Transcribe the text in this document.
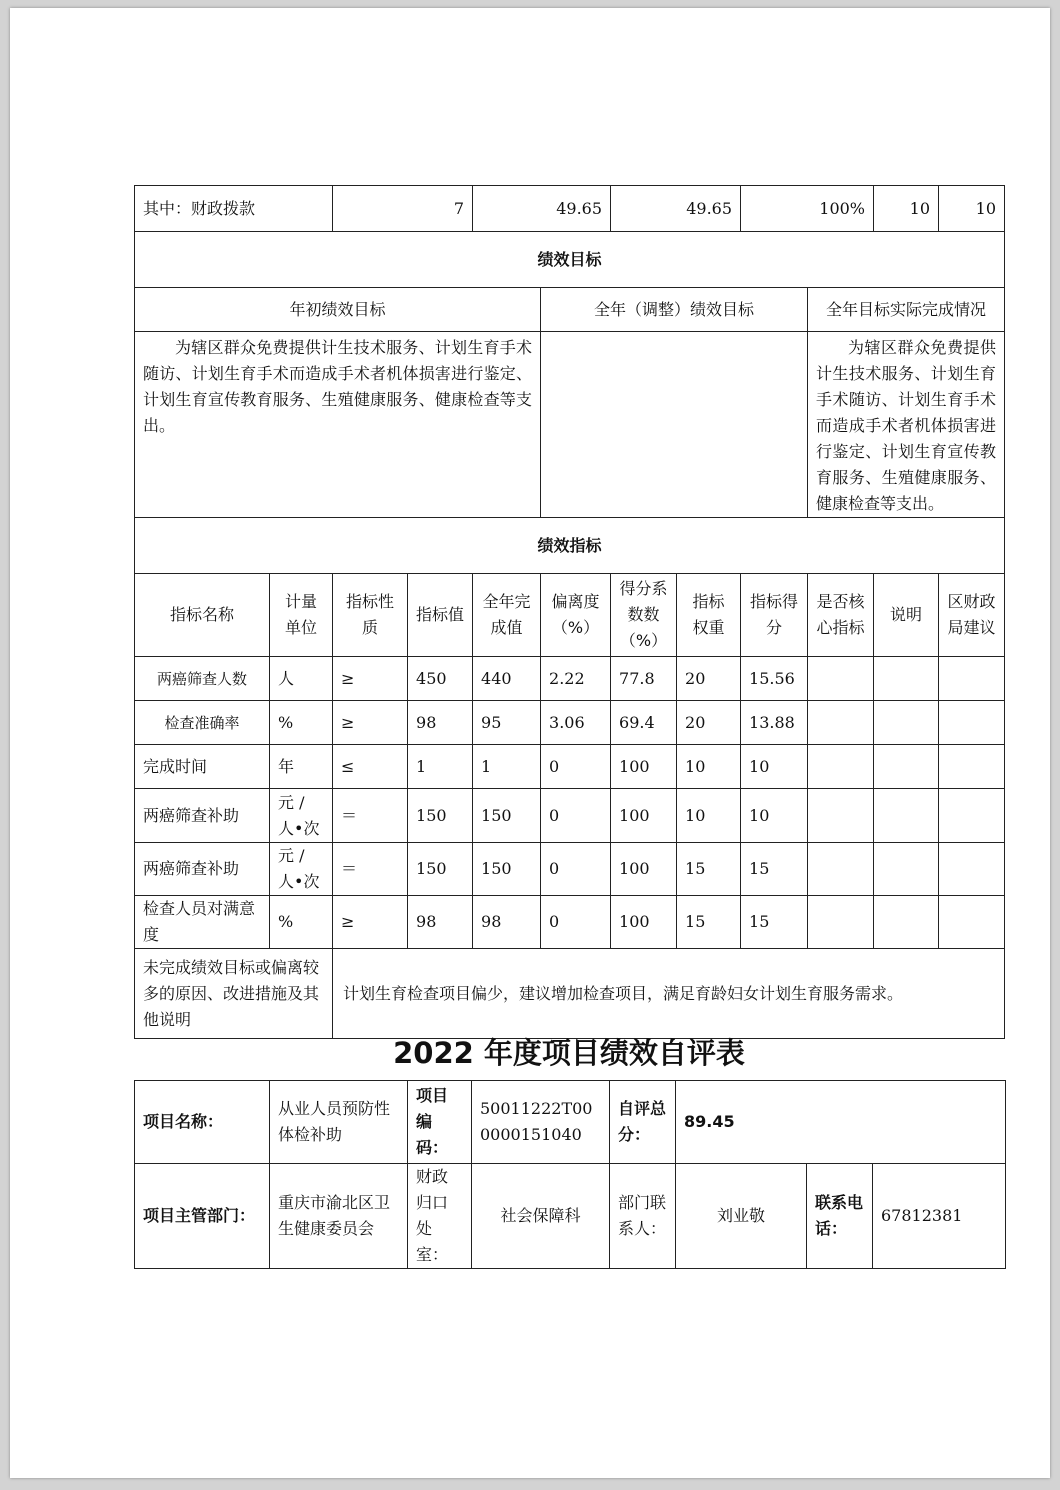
其中：财政拨款		7		49.65		49.65		100%		10	10
绩效目标											
年初绩效目标					全年（调整）绩效目标				全年目标实际完成情况		
为辖区群众免费提供计生技术服务、计划生育手术随访、计划生育手术而造成手术者机体损害进行鉴定、计划生育宣传教育服务、生殖健康服务、健康检查等支出。									为辖区群众免费提供计生技术服务、计划生育手术随访、计划生育手术而造成手术者机体损害进行鉴定、计划生育宣传教育服务、生殖健康服务、健康检查等支出。		
绩效指标											
指标名称	计量单位	指标性质	指标值	全年完成值	偏离度（%）	得分系数数（%）	指标权重	指标得分	是否核心指标	说明	区财政局建议
两癌筛查人数	人	≥	450	440	2.22	77.8	20	15.56			
检查准确率	%	≥	98	95	3.06	69.4	20	13.88			
完成时间	年	≤	1	1	0	100	10	10			
两癌筛查补助	元 / 人•次	＝	150	150	0	100	10	10			
两癌筛查补助	元 / 人•次	＝	150	150	0	100	15	15			
检查人员对满意度	%	≥	98	98	0	100	15	15			
未完成绩效目标或偏离较多的原因、改进措施及其他说明		计划生育检查项目偏少，建议增加检查项目，满足育龄妇女计划生育服务需求。									
2022 年度项目绩效自评表
项目名称：	从业人员预防性体检补助	项目编码：	50011222T000000151040	自评总分：	89.45		
项目主管部门：	重庆市渝北区卫生健康委员会	财政归口处室：	社会保障科	部门联系人：	刘业敬	联系电话：	67812381
